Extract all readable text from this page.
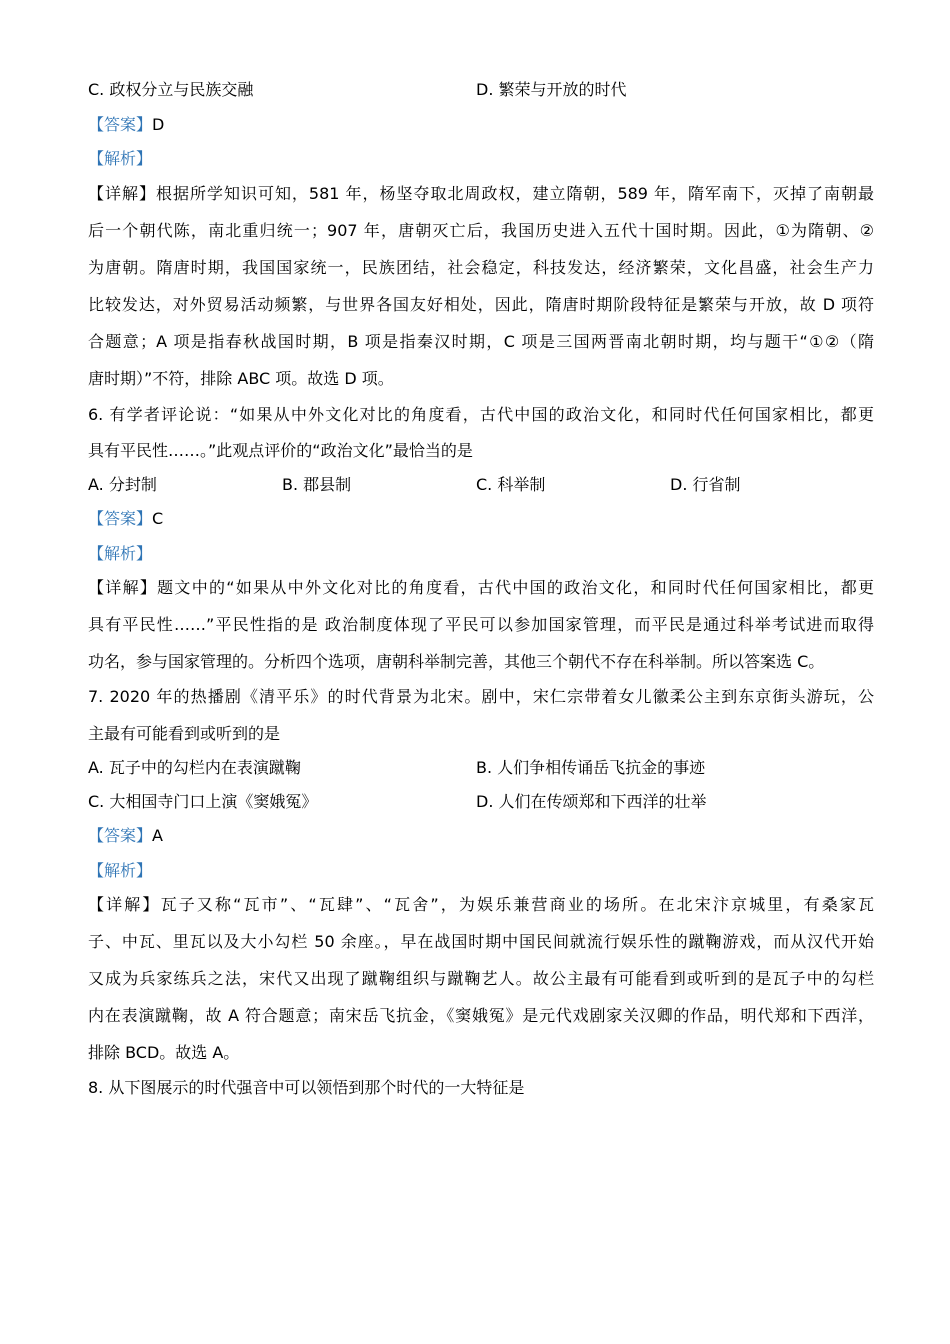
C. 政权分立与民族交融	D. 繁荣与开放的时代
【答案】D
【解析】
【详解】根据所学知识可知，581 年，杨坚夺取北周政权，建立隋朝，589 年，隋军南下，灭掉了南朝最
后一个朝代陈，南北重归统一；907 年，唐朝灭亡后，我国历史进入五代十国时期。因此，①为隋朝、②
为唐朝。隋唐时期，我国国家统一，民族团结，社会稳定，科技发达，经济繁荣，文化昌盛，社会生产力
比较发达，对外贸易活动频繁，与世界各国友好相处，因此，隋唐时期阶段特征是繁荣与开放，故 D 项符
合题意；A 项是指春秋战国时期，B 项是指秦汉时期，C 项是三国两晋南北朝时期，均与题干“①②（隋
唐时期）”不符，排除 ABC 项。故选 D 项。
6. 有学者评论说：“如果从中外文化对比的角度看，古代中国的政治文化，和同时代任何国家相比，都更
具有平民性……。”此观点评价的“政治文化”最恰当的是
A. 分封制	B. 郡县制	C. 科举制	D. 行省制
【答案】C
【解析】
【详解】题文中的“如果从中外文化对比的角度看，古代中国的政治文化，和同时代任何国家相比，都更
具有平民性……”平民性指的是 政治制度体现了平民可以参加国家管理，而平民是通过科举考试进而取得
功名，参与国家管理的。分析四个选项，唐朝科举制完善，其他三个朝代不存在科举制。所以答案选 C。
7. 2020 年的热播剧《清平乐》的时代背景为北宋。剧中，宋仁宗带着女儿徽柔公主到东京街头游玩，公
主最有可能看到或听到的是
A. 瓦子中的勾栏内在表演蹴鞠	B. 人们争相传诵岳飞抗金的事迹
C. 大相国寺门口上演《窦娥冤》	D. 人们在传颂郑和下西洋的壮举
【答案】A
【解析】
【详解】瓦子又称“瓦市”、“瓦肆”、“瓦舍”，为娱乐兼营商业的场所。在北宋汴京城里，有桑家瓦
子、中瓦、里瓦以及大小勾栏 50 余座。，早在战国时期中国民间就流行娱乐性的蹴鞠游戏，而从汉代开始
又成为兵家练兵之法，宋代又出现了蹴鞠组织与蹴鞠艺人。故公主最有可能看到或听到的是瓦子中的勾栏
内在表演蹴鞠，故 A 符合题意；南宋岳飞抗金，《窦娥冤》是元代戏剧家关汉卿的作品，明代郑和下西洋，
排除 BCD。故选 A。
8. 从下图展示的时代强音中可以领悟到那个时代的一大特征是
